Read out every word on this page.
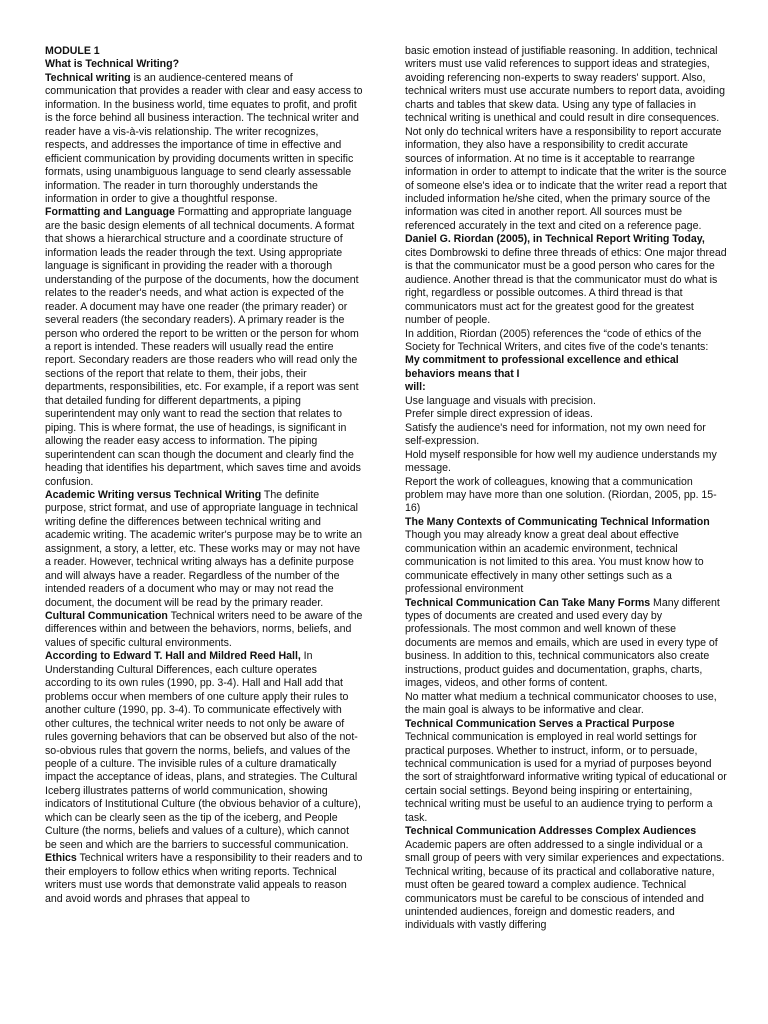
MODULE 1

What is Technical Writing?

Technical writing is an audience-centered means of communication that provides a reader with clear and easy access to information. In the business world, time equates to profit, and profit is the force behind all business interaction. The technical writer and reader have a vis-à-vis relationship. The writer recognizes, respects, and addresses the importance of time in effective and efficient communication by providing documents written in specific formats, using unambiguous language to send clearly assessable information. The reader in turn thoroughly understands the information in order to give a thoughtful response.

Formatting and Language Formatting and appropriate language are the basic design elements of all technical documents. A format that shows a hierarchical structure and a coordinate structure of information leads the reader through the text. Using appropriate language is significant in providing the reader with a thorough understanding of the purpose of the documents, how the document relates to the reader's needs, and what action is expected of the reader. A document may have one reader (the primary reader) or several readers (the secondary readers). A primary reader is the person who ordered the report to be written or the person for whom a report is intended. These readers will usually read the entire report. Secondary readers are those readers who will read only the sections of the report that relate to them, their jobs, their departments, responsibilities, etc. For example, if a report was sent that detailed funding for different departments, a piping superintendent may only want to read the section that relates to piping. This is where format, the use of headings, is significant in allowing the reader easy access to information. The piping superintendent can scan though the document and clearly find the heading that identifies his department, which saves time and avoids confusion.

Academic Writing versus Technical Writing The definite purpose, strict format, and use of appropriate language in technical writing define the differences between technical writing and academic writing. The academic writer's purpose may be to write an assignment, a story, a letter, etc. These works may or may not have a reader. However, technical writing always has a definite purpose and will always have a reader. Regardless of the number of the intended readers of a document who may or may not read the document, the document will be read by the primary reader.

Cultural Communication Technical writers need to be aware of the differences within and between the behaviors, norms, beliefs, and values of specific cultural environments.

According to Edward T. Hall and Mildred Reed Hall, In Understanding Cultural Differences, each culture operates according to its own rules (1990, pp. 3-4). Hall and Hall add that problems occur when members of one culture apply their rules to another culture (1990, pp. 3-4). To communicate effectively with other cultures, the technical writer needs to not only be aware of rules governing behaviors that can be observed but also of the not-so-obvious rules that govern the norms, beliefs, and values of the people of a culture. The invisible rules of a culture dramatically impact the acceptance of ideas, plans, and strategies. The Cultural Iceberg illustrates patterns of world communication, showing indicators of Institutional Culture (the obvious behavior of a culture), which can be clearly seen as the tip of the iceberg, and People Culture (the norms, beliefs and values of a culture), which cannot be seen and which are the barriers to successful communication.

Ethics Technical writers have a responsibility to their readers and to their employers to follow ethics when writing reports. Technical writers must use words that demonstrate valid appeals to reason and avoid words and phrases that appeal to

basic emotion instead of justifiable reasoning. In addition, technical writers must use valid references to support ideas and strategies, avoiding referencing non-experts to sway readers' support. Also, technical writers must use accurate numbers to report data, avoiding charts and tables that skew data. Using any type of fallacies in technical writing is unethical and could result in dire consequences. Not only do technical writers have a responsibility to report accurate information, they also have a responsibility to credit accurate sources of information. At no time is it acceptable to rearrange information in order to attempt to indicate that the writer is the source of someone else's idea or to indicate that the writer read a report that included information he/she cited, when the primary source of the information was cited in another report. All sources must be referenced accurately in the text and cited on a reference page.

Daniel G. Riordan (2005), in Technical Report Writing Today, cites Dombrowski to define three threads of ethics: One major thread is that the communicator must be a good person who cares for the audience. Another thread is that the communicator must do what is right, regardless or possible outcomes. A third thread is that communicators must act for the greatest good for the greatest number of people.

In addition, Riordan (2005) references the “code of ethics of the Society for Technical Writers, and cites five of the code's tenants:

My commitment to professional excellence and ethical behaviors means that I
will:

Use language and visuals with precision.
Prefer simple direct expression of ideas.
Satisfy the audience's need for information, not my own need for self-expression.
Hold myself responsible for how well my audience understands my message.
Report the work of colleagues, knowing that a communication problem may have more than one solution. (Riordan, 2005, pp. 15-16)

The Many Contexts of Communicating Technical Information Though you may already know a great deal about effective communication within an academic environment, technical communication is not limited to this area. You must know how to communicate effectively in many other settings such as a professional environment

Technical Communication Can Take Many Forms Many different types of documents are created and used every day by professionals. The most common and well known of these documents are memos and emails, which are used in every type of business. In addition to this, technical communicators also create instructions, product guides and documentation, graphs, charts, images, videos, and other forms of content.

No matter what medium a technical communicator chooses to use, the main goal is always to be informative and clear.

Technical Communication Serves a Practical Purpose

Technical communication is employed in real world settings for practical purposes. Whether to instruct, inform, or to persuade, technical communication is used for a myriad of purposes beyond the sort of straightforward informative writing typical of educational or certain social settings. Beyond being inspiring or entertaining, technical writing must be useful to an audience trying to perform a task.

Technical Communication Addresses Complex Audiences

Academic papers are often addressed to a single individual or a small group of peers with very similar experiences and expectations. Technical writing, because of its practical and collaborative nature, must often be geared toward a complex audience. Technical communicators must be careful to be conscious of intended and unintended audiences, foreign and domestic readers, and individuals with vastly differing
